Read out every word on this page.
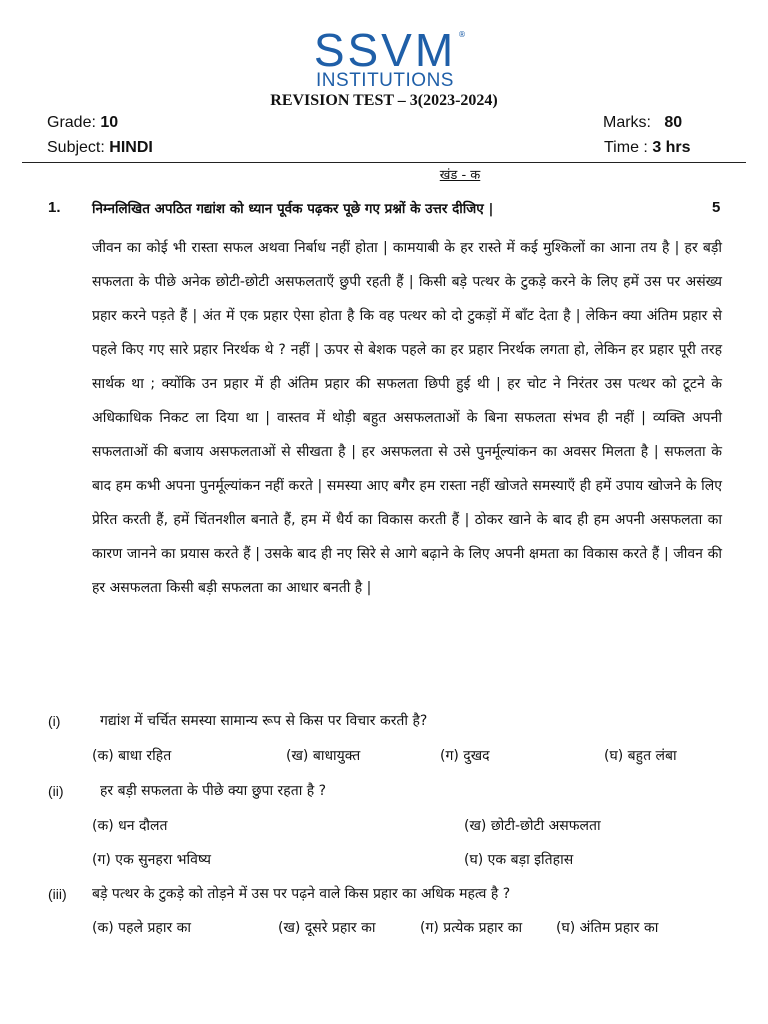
SSVM ®
INSTITUTIONS
REVISION TEST – 3(2023-2024)
Grade: 10	Marks: 80
Subject: HINDI	Time : 3 hrs
खंड - क
1. निम्नलिखित अपठित गद्यांश को ध्यान पूर्वक पढ़कर पूछे गए प्रश्नों के उत्तर दीजिए |	5
जीवन का कोई भी रास्ता सफल अथवा निर्बाध नहीं होता | कामयाबी के हर रास्ते में कई मुश्किलों का आना तय है | हर बड़ी सफलता के पीछे अनेक छोटी-छोटी असफलताएँ छुपी रहती हैं | किसी बड़े पत्थर के टुकड़े करने के लिए हमें उस पर असंख्य प्रहार करने पड़ते हैं | अंत में एक प्रहार ऐसा होता है कि वह पत्थर को दो टुकड़ों में बाँट देता है | लेकिन क्या अंतिम प्रहार से पहले किए गए सारे प्रहार निरर्थक थे ? नहीं | ऊपर से बेशक पहले का हर प्रहार निरर्थक लगता हो, लेकिन हर प्रहार पूरी तरह सार्थक था ; क्योंकि उन प्रहार में ही अंतिम प्रहार की सफलता छिपी हुई थी | हर चोट ने निरंतर उस पत्थर को टूटने के अधिकाधिक निकट ला दिया था | वास्तव में थोड़ी बहुत असफलताओं के बिना सफलता संभव ही नहीं | व्यक्ति अपनी सफलताओं की बजाय असफलताओं से सीखता है | हर असफलता से उसे पुनर्मूल्यांकन का अवसर मिलता है | सफलता के बाद हम कभी अपना पुनर्मूल्यांकन नहीं करते | समस्या आए बगैर हम रास्ता नहीं खोजते समस्याएँ ही हमें उपाय खोजने के लिए प्रेरित करती हैं, हमें चिंतनशील बनाते हैं, हम में धैर्य का विकास करती हैं | ठोकर खाने के बाद ही हम अपनी असफलता का कारण जानने का प्रयास करते हैं | उसके बाद ही नए सिरे से आगे बढ़ाने के लिए अपनी क्षमता का विकास करते हैं | जीवन की हर असफलता किसी बड़ी सफलता का आधार बनती है |
(i)	गद्यांश में चर्चित समस्या सामान्य रूप से किस पर विचार करती है?
(क) बाधा रहित	(ख) बाधायुक्त	(ग) दुखद	(घ) बहुत लंबा
(ii)	हर बड़ी सफलता के पीछे क्या छुपा रहता है ?
(क) धन दौलत	(ख) छोटी-छोटी असफलता
(ग) एक सुनहरा भविष्य	(घ) एक बड़ा इतिहास
(iii) बड़े पत्थर के टुकड़े को तोड़ने में उस पर पढ़ने वाले किस प्रहार का अधिक महत्व है ?
(क) पहले प्रहार का	(ख) दूसरे प्रहार का	(ग) प्रत्येक प्रहार का (घ) अंतिम प्रहार का
